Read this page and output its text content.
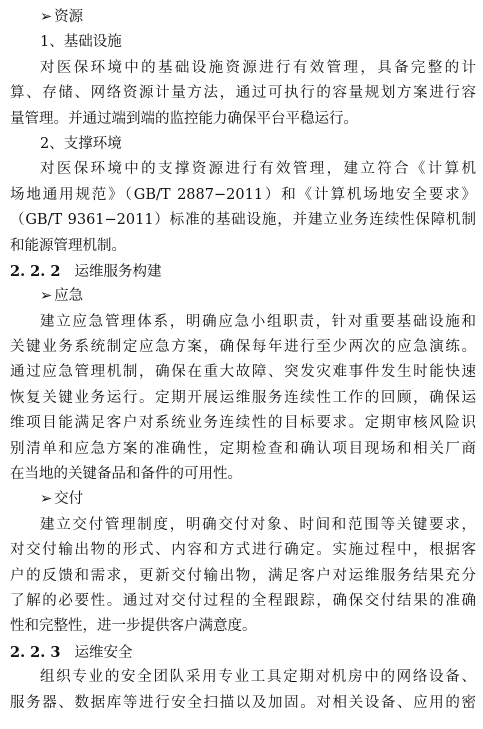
➢ 资源
1、基础设施
对医保环境中的基础设施资源进行有效管理，具备完整的计
算、存储、网络资源计量方法，通过可执行的容量规划方案进行容
量管理。并通过端到端的监控能力确保平台平稳运行。
2、支撑环境
对医保环境中的支撑资源进行有效管理，建立符合《计算机
场地通用规范》（GB/T 2887−2011）和《计算机场地安全要求》
（GB/T 9361−2011）标准的基础设施，并建立业务连续性保障机制
和能源管理机制。
2. 2. 2 运维服务构建
➢ 应急
建立应急管理体系，明确应急小组职责，针对重要基础设施和
关键业务系统制定应急方案，确保每年进行至少两次的应急演练。
通过应急管理机制，确保在重大故障、突发灾难事件发生时能快速
恢复关键业务运行。定期开展运维服务连续性工作的回顾，确保运
维项目能满足客户对系统业务连续性的目标要求。定期审核风险识
别清单和应急方案的准确性，定期检查和确认项目现场和相关厂商
在当地的关键备品和备件的可用性。
➢ 交付
建立交付管理制度，明确交付对象、时间和范围等关键要求，
对交付输出物的形式、内容和方式进行确定。实施过程中，根据客
户的反馈和需求，更新交付输出物，满足客户对运维服务结果充分
了解的必要性。通过对交付过程的全程跟踪，确保交付结果的准确
性和完整性，进一步提供客户满意度。
2. 2. 3 运维安全
组织专业的安全团队采用专业工具定期对机房中的网络设备、
服务器、数据库等进行安全扫描以及加固。对相关设备、应用的密
